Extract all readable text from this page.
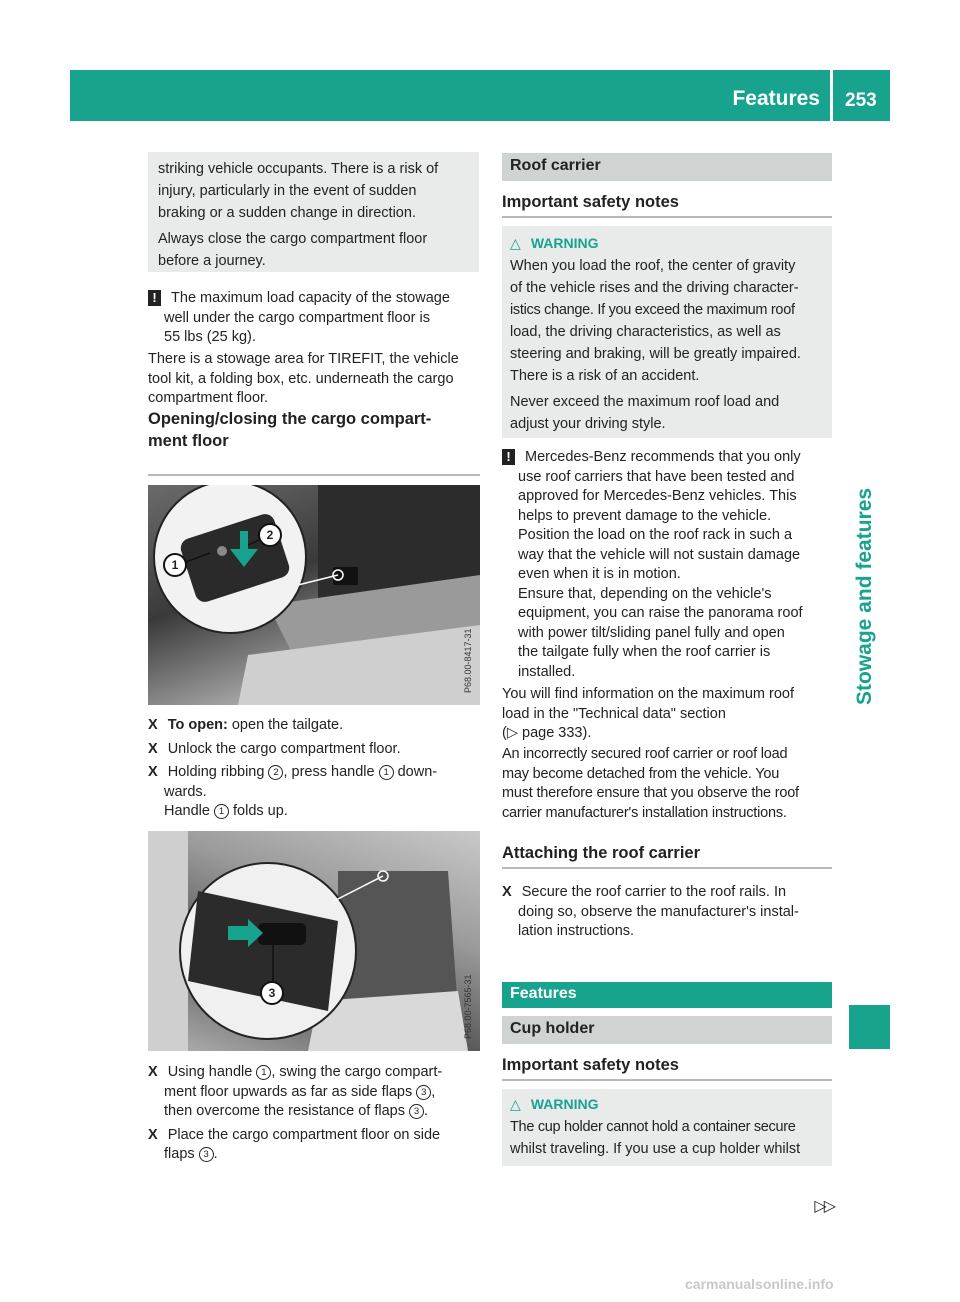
Features 253
Stowage and features
striking vehicle occupants. There is a risk of
injury, particularly in the event of sudden
braking or a sudden change in direction.
Always close the cargo compartment floor
before a journey.
! The maximum load capacity of the stowage
well under the cargo compartment floor is
55 lbs (25 kg).
There is a stowage area for TIREFIT, the vehicle
tool kit, a folding box, etc. underneath the cargo
compartment floor.
Opening/closing the cargo compart-
ment floor
1
2
P68.00-8417-31
X To open: open the tailgate.
X Unlock the cargo compartment floor.
X Holding ribbing 2 , press handle 1 down-
wards.
Handle 1 folds up.
3	P68.00-7565-31
X Using handle 1 , swing the cargo compart-
ment floor upwards as far as side flaps 3 ,
then overcome the resistance of flaps 3 .
X Place the cargo compartment floor on side
flaps 3 .
Roof carrier
Important safety notes
△ WARNING
When you load the roof, the center of gravity
of the vehicle rises and the driving character-
istics change. If you exceed the maximum roof
load, the driving characteristics, as well as
steering and braking, will be greatly impaired.
There is a risk of an accident.
Never exceed the maximum roof load and
adjust your driving style.
! Mercedes-Benz recommends that you only
use roof carriers that have been tested and
approved for Mercedes-Benz vehicles. This
helps to prevent damage to the vehicle.
Position the load on the roof rack in such a
way that the vehicle will not sustain damage
even when it is in motion.
Ensure that, depending on the vehicle's
equipment, you can raise the panorama roof
with power tilt/sliding panel fully and open
the tailgate fully when the roof carrier is
installed.
You will find information on the maximum roof
load in the "Technical data" section
(▷ page 333).
An incorrectly secured roof carrier or roof load
may become detached from the vehicle. You
must therefore ensure that you observe the roof
carrier manufacturer's installation instructions.
Attaching the roof carrier
X Secure the roof carrier to the roof rails. In
doing so, observe the manufacturer's instal-
lation instructions.
Features
Cup holder
Important safety notes
△ WARNING
The cup holder cannot hold a container secure
whilst traveling. If you use a cup holder whilst
▷▷
carmanualsonline.info
